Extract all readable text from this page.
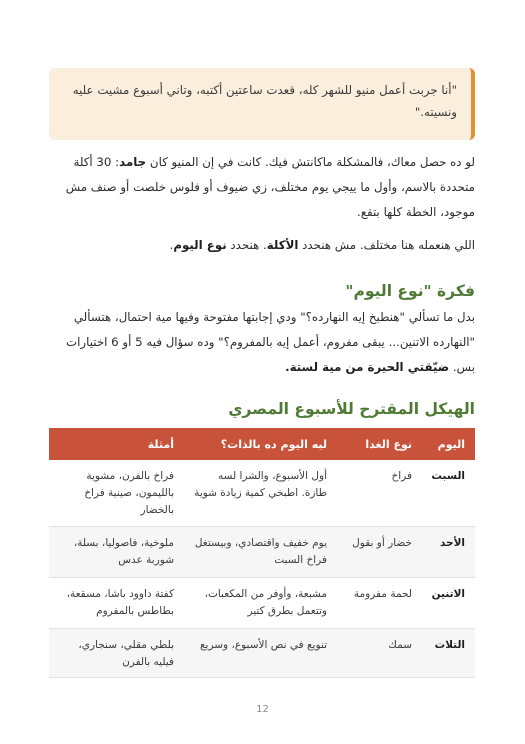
"أنا جربت أعمل منيو للشهر كله، قعدت ساعتين أكتبه، وتاني أسبوع مشيت عليه ونسيته."
لو ده حصل معاك، فالمشكلة ماكانتش فيك. كانت في إن المنيو كان جامد: 30 أكلة متحددة بالاسم، وأول ما ييجي يوم مختلف، زي ضيوف أو فلوس خلصت أو صنف مش موجود، الخطة كلها بتقع.
اللي هنعمله هنا مختلف. مش هنحدد الأكلة. هنحدد نوع اليوم.
فكرة "نوع اليوم"
بدل ما تسألي "هنطبخ إيه النهارده؟" ودي إجابتها مفتوحة وفيها مية احتمال، هتسألي "النهارده الاتنين... يبقى مفروم، أعمل إيه بالمفروم؟" وده سؤال فيه 5 أو 6 اختيارات بس. ضيّقتي الحيرة من مية لستة.
الهيكل المقترح للأسبوع المصري
اليوم	نوع الغدا	ليه اليوم ده بالذات؟	أمثلة
السبت	فراخ	أول الأسبوع، والشرا لسه طازة. اطبخي كمية زيادة شوية	فراخ بالفرن، مشوية بالليمون، صينية فراخ بالخضار
الأحد	خضار أو بقول	يوم خفيف واقتصادي، وبيستغل فراخ السبت	ملوخية، فاصوليا، بسلة، شوربة عدس
الاتنين	لحمة مفرومة	مشبعة، وأوفر من المكعبات، وتتعمل بطرق كتير	كفتة داوود باشا، مسقعة، بطاطس بالمفروم
التلات	سمك	تنويع في نص الأسبوع، وسريع	بلطي مقلي، سنجاري، فيليه بالفرن
12
